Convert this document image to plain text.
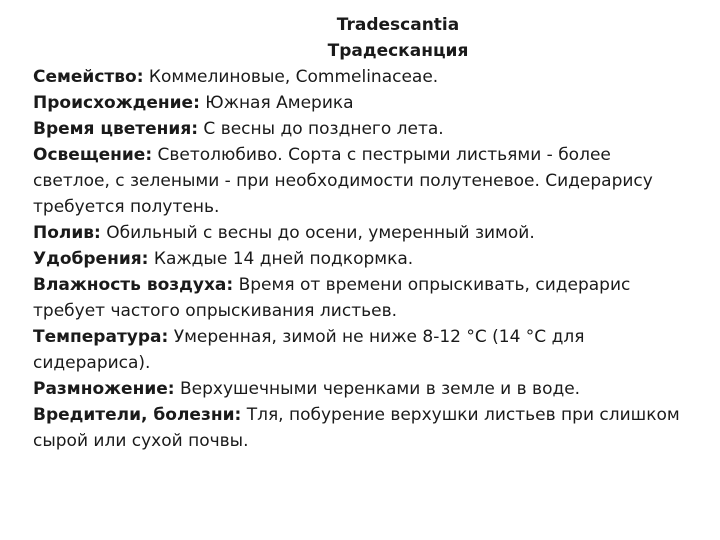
Tradescantia
Традесканция

Семейство: Коммелиновые, Commelinaceae.

Происхождение: Южная Америка

Время цветения: С весны до позднего лета.

Освещение: Светолюбиво. Сорта с пестрыми листьями - более светлое, с зелеными - при необходимости полутеневое. Сидерарису требуется полутень.

Полив: Обильный с весны до осени, умеренный зимой.

Удобрения: Каждые 14 дней подкормка.

Влажность воздуха: Время от времени опрыскивать, сидерарис требует частого опрыскивания листьев.

Температура: Умеренная, зимой не ниже 8-12 °С (14 °С для сидерариса).

Размножение: Верхушечными черенками в земле и в воде.

Вредители, болезни: Тля, побурение верхушки листьев при слишком сырой или сухой почвы.
